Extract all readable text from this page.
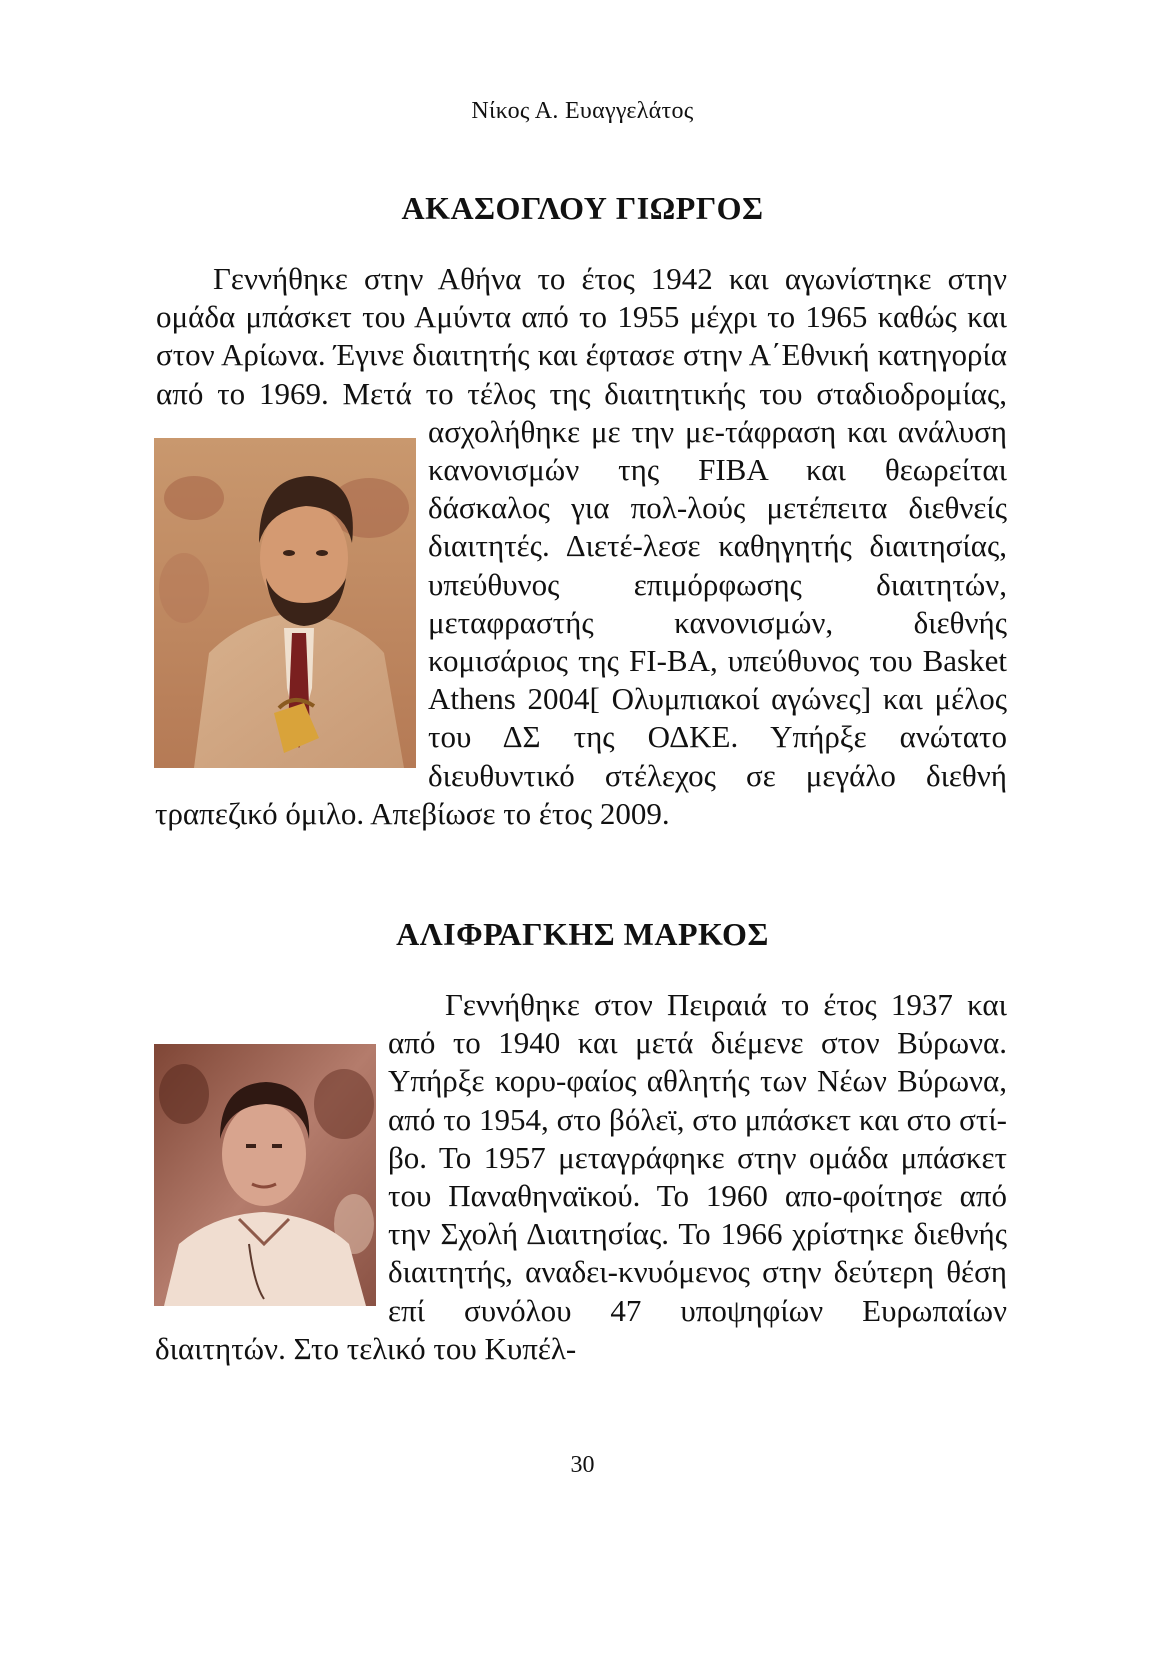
Νίκος Α. Ευαγγελάτος
ΑΚΑΣΟΓΛΟΥ ΓΙΩΡΓΟΣ

Γεννήθηκε στην Αθήνα το έτος 1942 και αγωνίστηκε στην ομάδα μπάσκετ του Αμύντα από το 1955 μέχρι το 1965 καθώς και στον Αρίωνα. Έγινε διαιτητής και έφτασε στην Α΄Εθνική κατηγορία από το 1969. Μετά το τέλος της διαιτητικής του σταδιοδρομίας, ασχολήθηκε με την με-τάφραση και ανάλυση κανονισμών της FIBA και θεωρείται δάσκαλος για πολ-λούς μετέπειτα διεθνείς διαιτητές. Διετέ-λεσε καθηγητής διαιτησίας, υπεύθυνος επιμόρφωσης διαιτητών, μεταφραστής κανονισμών, διεθνής κομισάριος της FI-BA, υπεύθυνος του Basket Athens 2004[ Ολυμπιακοί αγώνες] και μέλος του ΔΣ της ΟΔΚΕ. Υπήρξε ανώτατο διευθυντικό στέλεχος σε μεγάλο διεθνή τραπεζικό όμιλο. Απεβίωσε το έτος 2009.

ΑΛΙΦΡΑΓΚΗΣ ΜΑΡΚΟΣ

Γεννήθηκε στον Πειραιά το έτος 1937 και από το 1940 και μετά διέμενε στον Βύρωνα. Υπήρξε κορυ-φαίος αθλητής των Νέων Βύρωνα, από το 1954, στο βόλεϊ, στο μπάσκετ και στο στί-βο. Το 1957 μεταγράφηκε στην ομάδα μπάσκετ του Παναθηναϊκού. Το 1960 απο-φοίτησε από την Σχολή Διαιτησίας. Το 1966 χρίστηκε διεθνής διαιτητής, αναδει-κνυόμενος στην δεύτερη θέση επί συνόλου 47 υποψηφίων Ευρωπαίων διαιτητών. Στο τελικό του Κυπέλ-

30
